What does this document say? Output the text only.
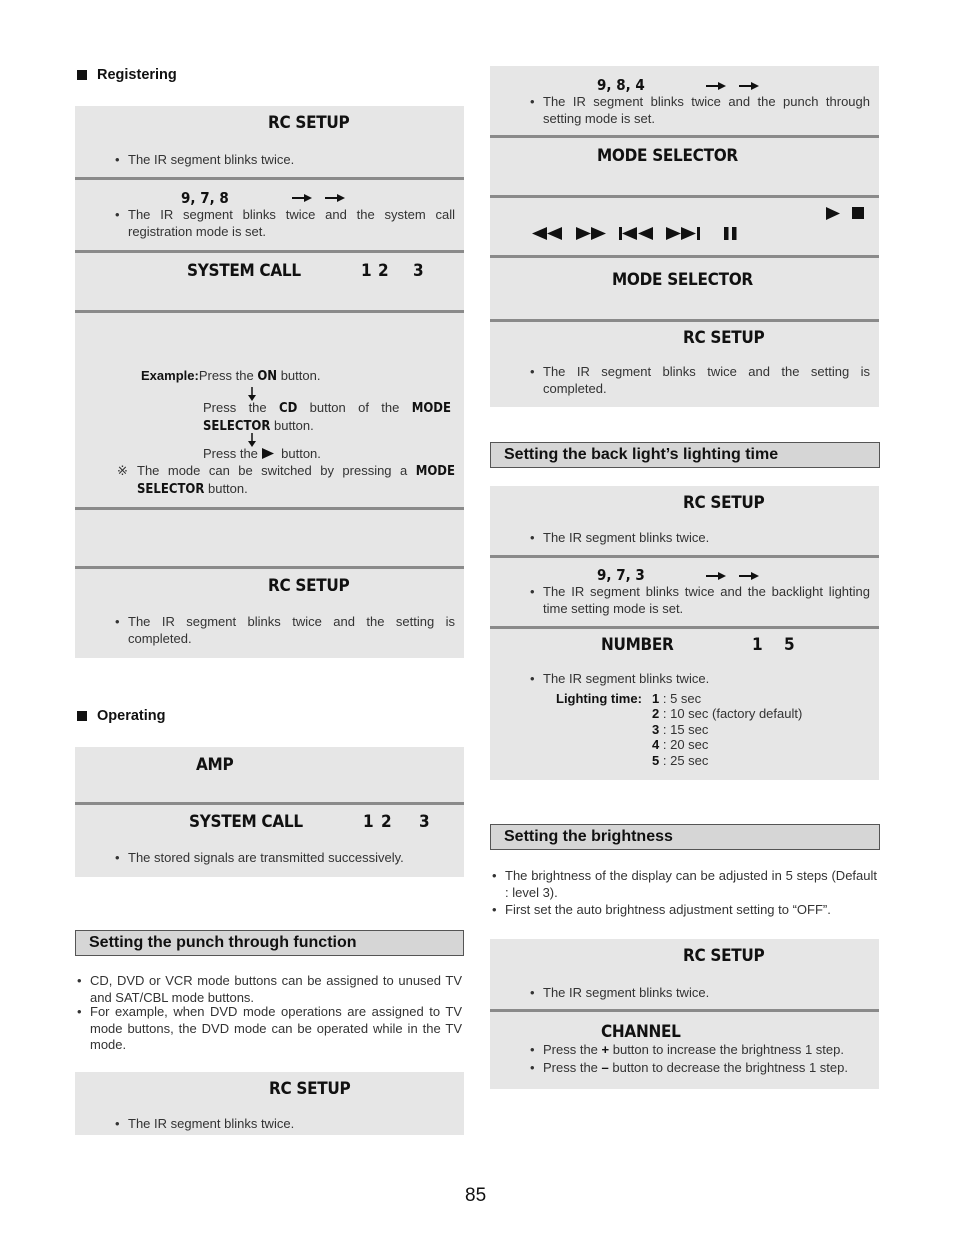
Registering
RC SETUP
• The IR segment blinks twice.
9, 7, 8
• The IR segment blinks twice and the system call registration mode is set.
SYSTEM CALL	1 2 3
Example:Press the ON button.
Press the CD button of the MODE SELECTOR button.
Press the  button.
※ The mode can be switched by pressing a MODE SELECTOR button.
RC SETUP
• The IR segment blinks twice and the setting is completed.
Operating
AMP
SYSTEM CALL	1 2 3
• The stored signals are transmitted successively.
Setting the punch through function
• CD, DVD or VCR mode buttons can be assigned to unused TV and SAT/CBL mode buttons.
• For example, when DVD mode operations are assigned to TV mode buttons, the DVD mode can be operated while in the TV mode.
RC SETUP
• The IR segment blinks twice.
9, 8, 4
• The IR segment blinks twice and the punch through setting mode is set.
MODE SELECTOR
MODE SELECTOR
RC SETUP
• The IR segment blinks twice and the setting is completed.
Setting the back light’s lighting time
RC SETUP
• The IR segment blinks twice.
9, 7, 3
• The IR segment blinks twice and the backlight lighting time setting mode is set.
NUMBER	1 5
• The IR segment blinks twice.
Lighting time: 1 : 5 sec
2 : 10 sec (factory default)
3 : 15 sec
4 : 20 sec
5 : 25 sec
Setting the brightness
• The brightness of the display can be adjusted in 5 steps (Default : level 3).
• First set the auto brightness adjustment setting to “OFF”.
RC SETUP
• The IR segment blinks twice.
CHANNEL
• Press the + button to increase the brightness 1 step.
• Press the – button to decrease the brightness 1 step.
85
